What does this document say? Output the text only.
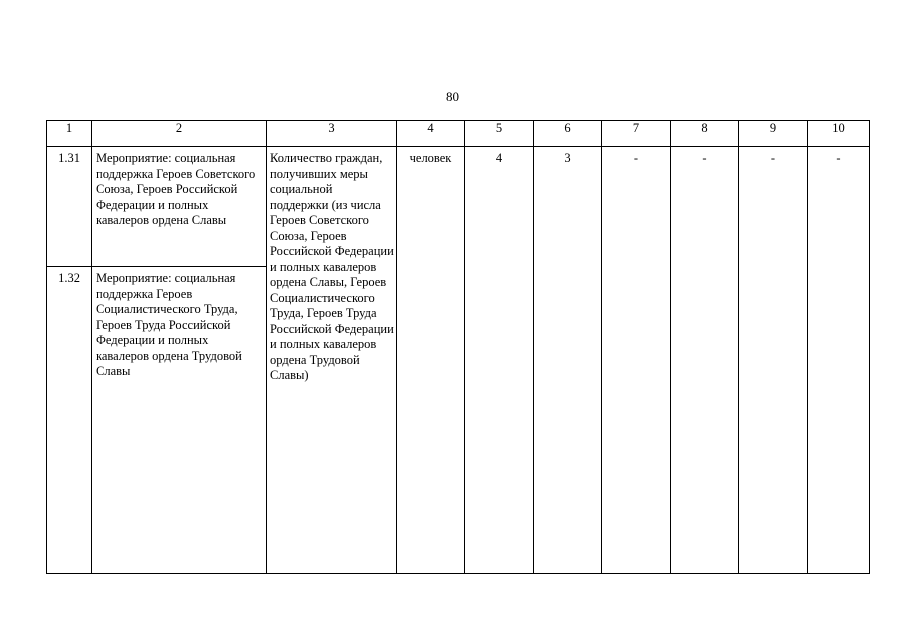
80
1	2	3	4	5	6	7	8	9	10
1.31	Мероприятие: социальная поддержка Героев Советского Союза, Героев Российской Федерации и полных кавалеров ордена Славы	Количество граждан, получивших меры социальной поддержки (из числа Героев Советского Союза, Героев Российской Федерации и полных кавалеров ордена Славы, Героев Социалистического Труда, Героев Труда Российской Федерации и полных кавалеров ордена Трудовой Славы)	человек	4	3	-	-	-	-
1.32	Мероприятие: социальная поддержка Героев Социалистического Труда, Героев Труда Российской Федерации и полных кавалеров ордена Трудовой Славы								
